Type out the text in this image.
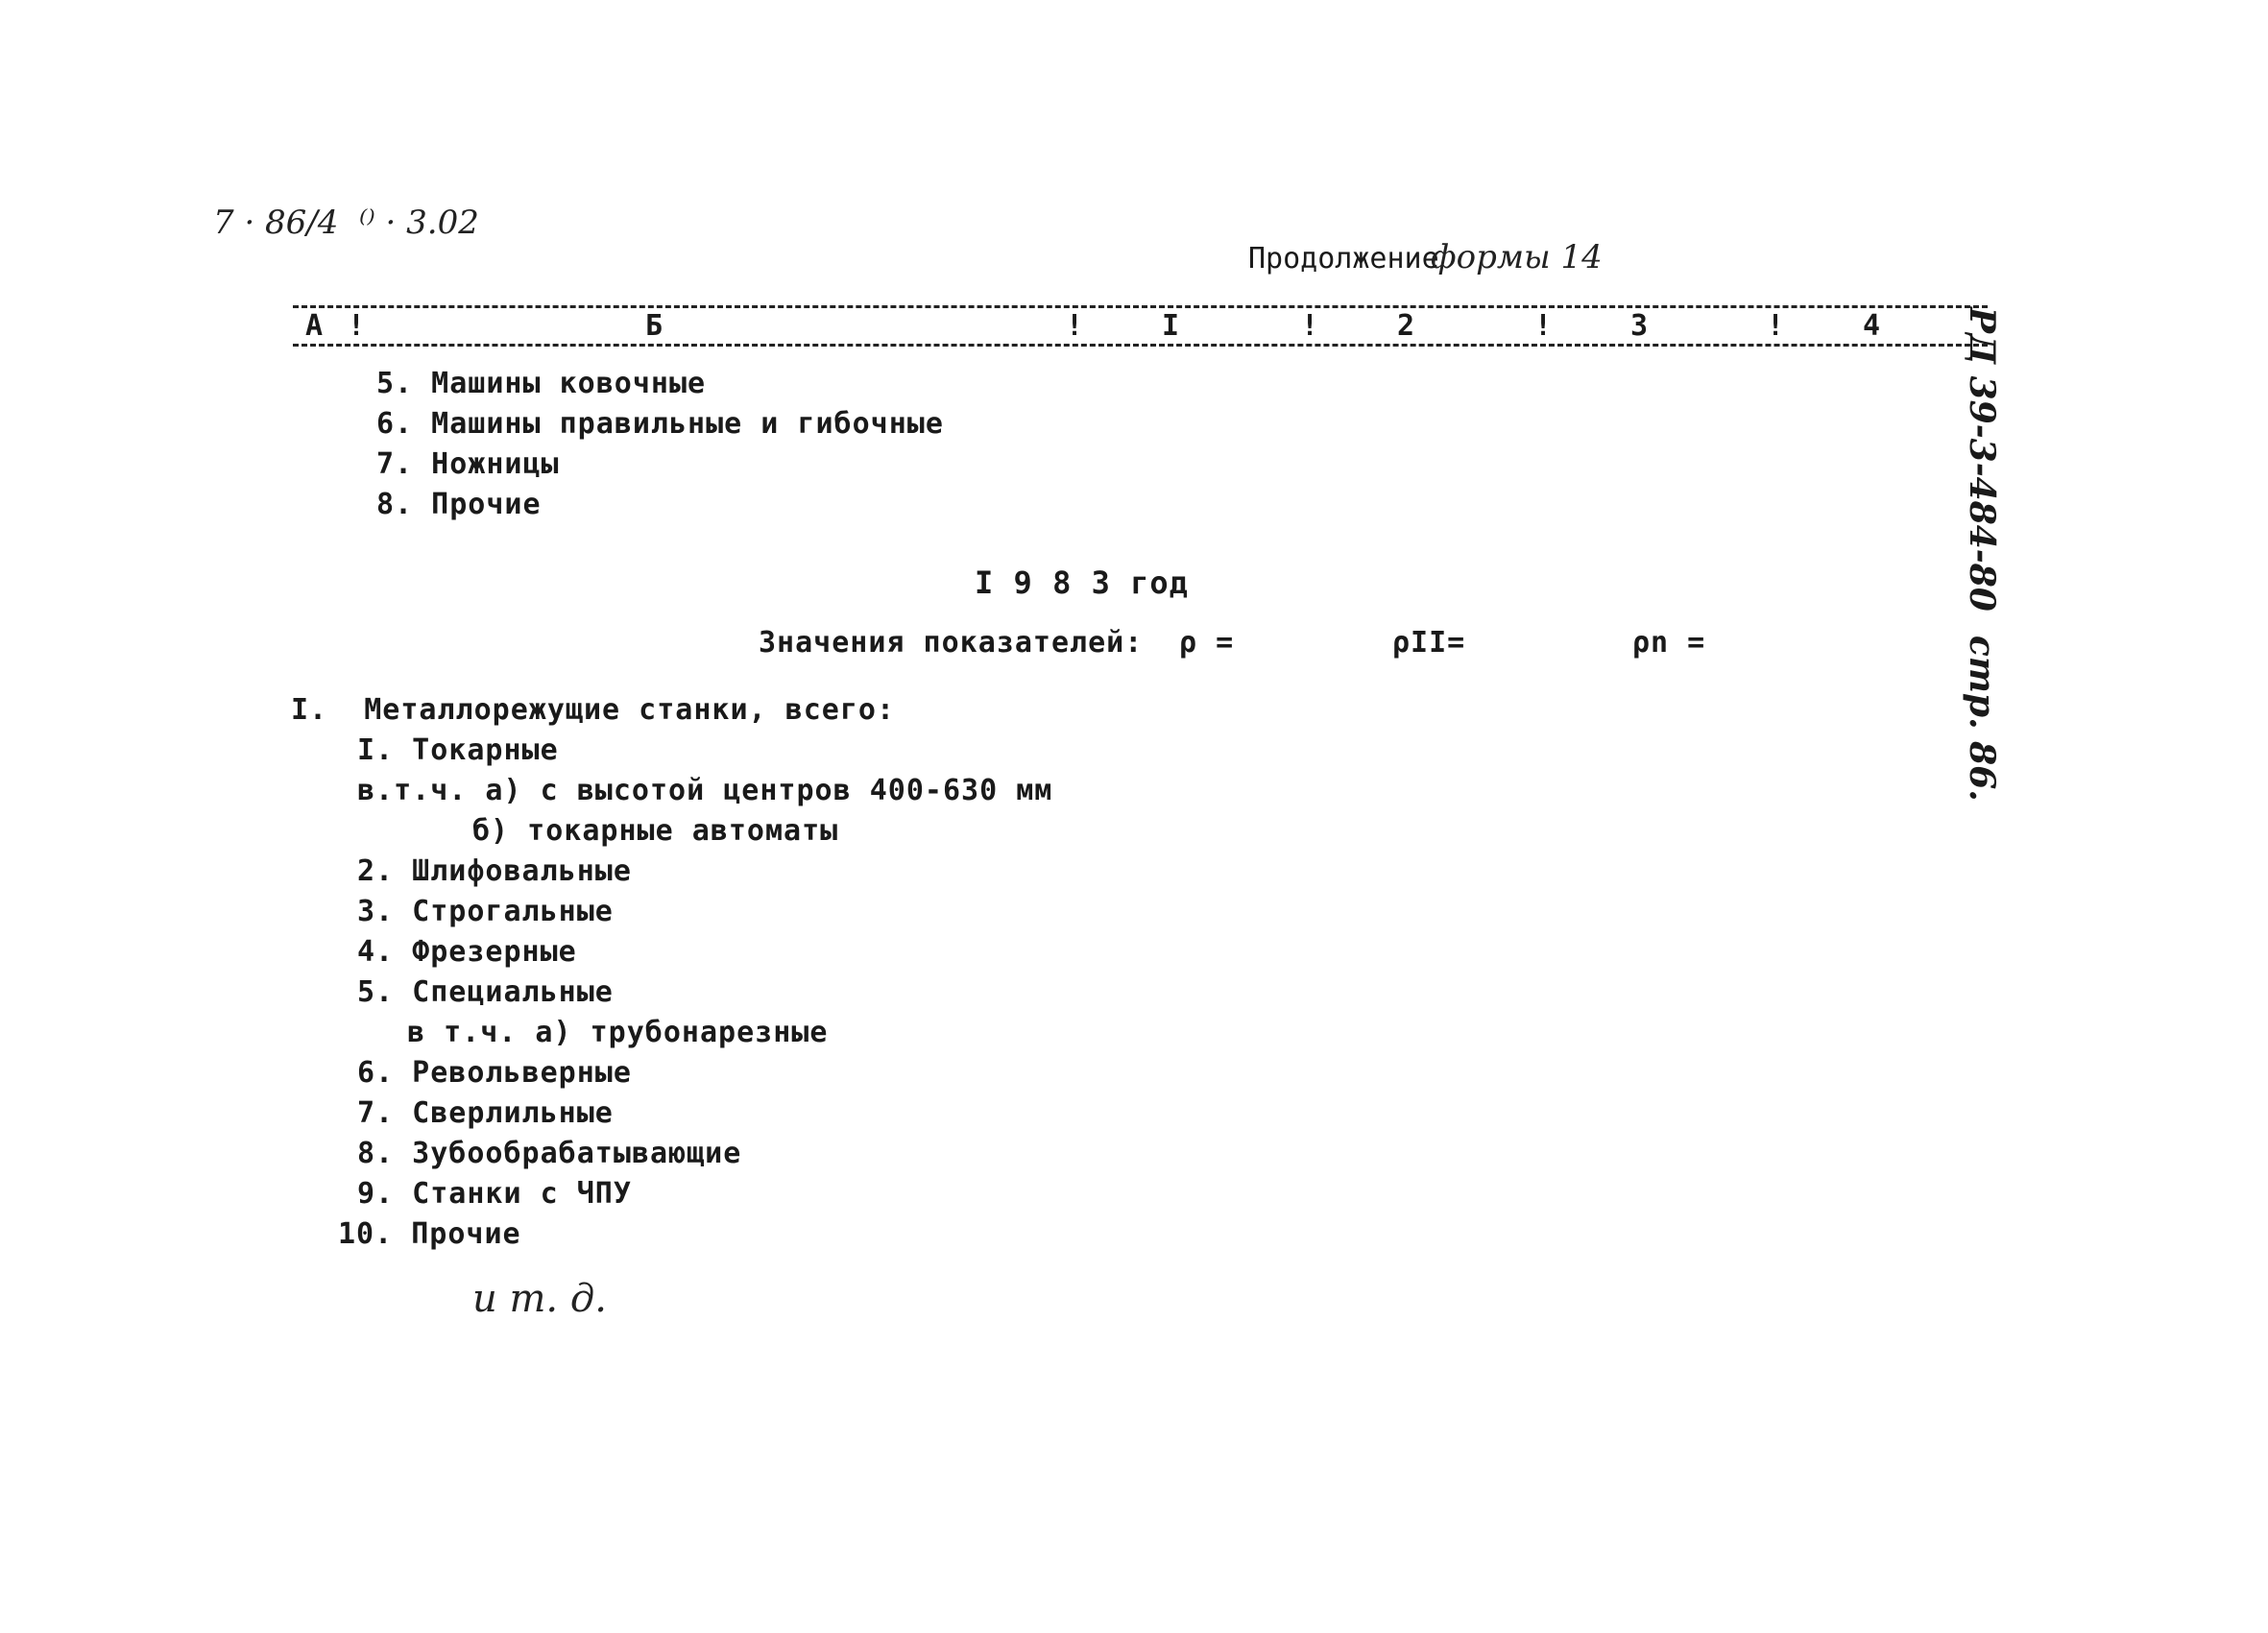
7 · 86/4  ⁽⁾ · 3.02
Продолжение
формы 14
А !	Б	!	I	!	2	!	3	!	4 РД 39-3-484-80  стр. 86.
5. Машины ковочные
6. Машины правильные и гибочные
7. Ножницы
8. Прочие
I 9 8 3 год
Значения показателей: ρ =	ρII=	ρn =
I.  Металлорежущие станки, всего:
I. Токарные
в.т.ч. а) с высотой центров 400-630 мм
б) токарные автоматы
2. Шлифовальные
3. Строгальные
4. Фрезерные
5. Специальные
в т.ч. а) трубонарезные
6. Револьверные
7. Сверлильные
8. Зубообрабатывающие
9. Станки с ЧПУ
10. Прочие
и т. д.
